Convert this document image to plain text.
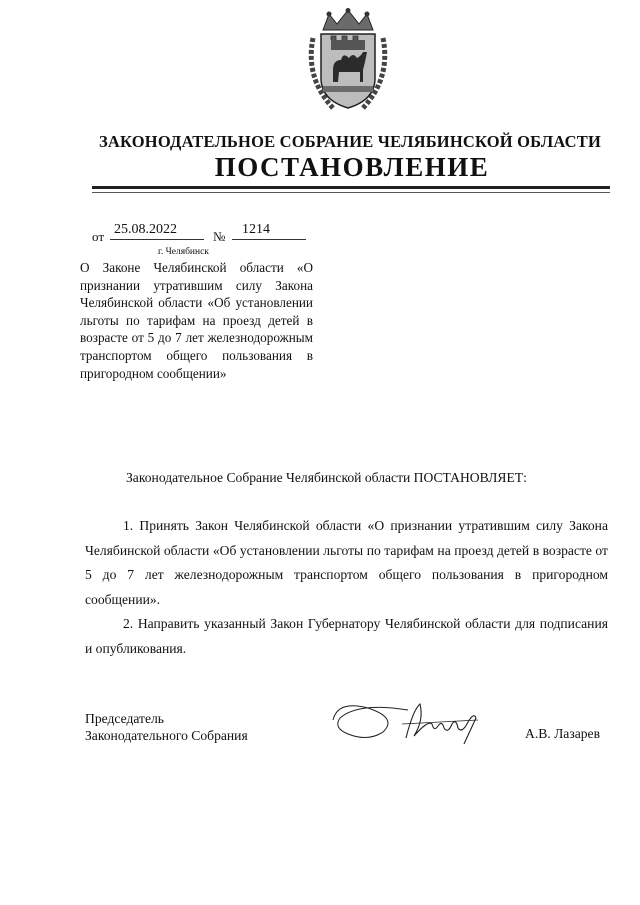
ЗАКОНОДАТЕЛЬНОЕ СОБРАНИЕ ЧЕЛЯБИНСКОЙ ОБЛАСТИ
ПОСТАНОВЛЕНИЕ
от 25.08.2022	№ 1214
г. Челябинск
О Законе Челябинской области «О признании утратившим силу Закона Челябинской области «Об установлении льготы по тарифам на проезд детей в возрасте от 5 до 7 лет железнодорожным транспортом общего пользования в пригородном сообщении»
Законодательное Собрание Челябинской области ПОСТАНОВЛЯЕТ:
1. Принять Закон Челябинской области «О признании утратившим силу Закона Челябинской области «Об установлении льготы по тарифам на проезд детей в возрасте от 5 до 7 лет железнодорожным транспортом общего пользования в пригородном сообщении».
2. Направить указанный Закон Губернатору Челябинской области для подписания и опубликования.
Председатель
Законодательного Собрания	А.В. Лазарев
